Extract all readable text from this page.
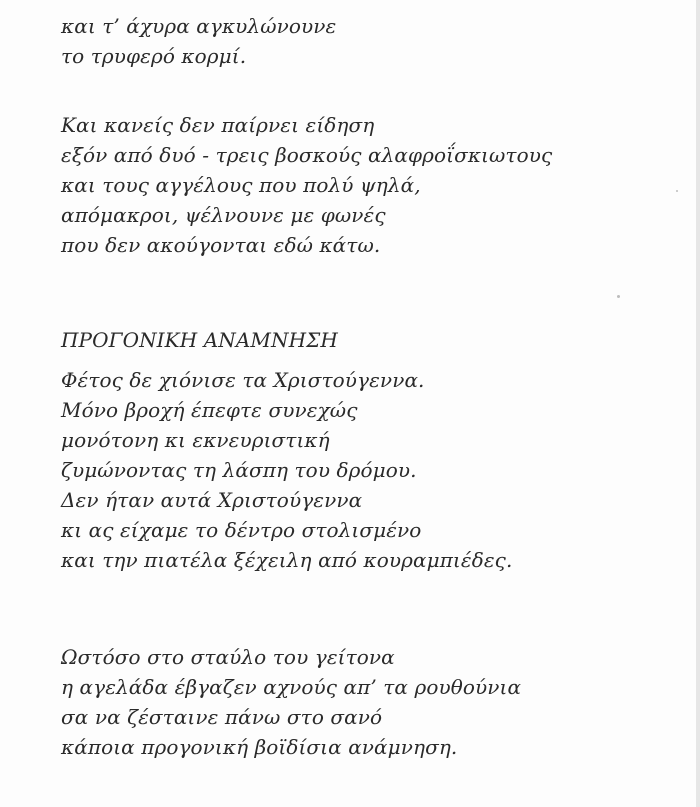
και τ’ άχυρα αγκυλώνουνε
το τρυφερό κορμί.
Και κανείς δεν παίρνει είδηση
εξόν από δυό - τρεις βοσκούς αλαφροΐσκιωτους
και τους αγγέλους που πολύ ψηλά,
απόμακροι, ψέλνουνε με φωνές
που δεν ακούγονται εδώ κάτω.
ΠΡΟΓΟΝΙΚΗ ΑΝΑΜΝΗΣΗ
Φέτος δε χιόνισε τα Χριστούγεννα.
Μόνο βροχή έπεφτε συνεχώς
μονότονη κι εκνευριστική
ζυμώνοντας τη λάσπη του δρόμου.
Δεν ήταν αυτά Χριστούγεννα
κι ας είχαμε το δέντρο στολισμένο
και την πιατέλα ξέχειλη από κουραμπιέδες.
Ωστόσο στο σταύλο του γείτονα
η αγελάδα έβγαζεν αχνούς απ’ τα ρουθούνια
σα να ζέσταινε πάνω στο σανό
κάποια προγονική βοϊδίσια ανάμνηση.
